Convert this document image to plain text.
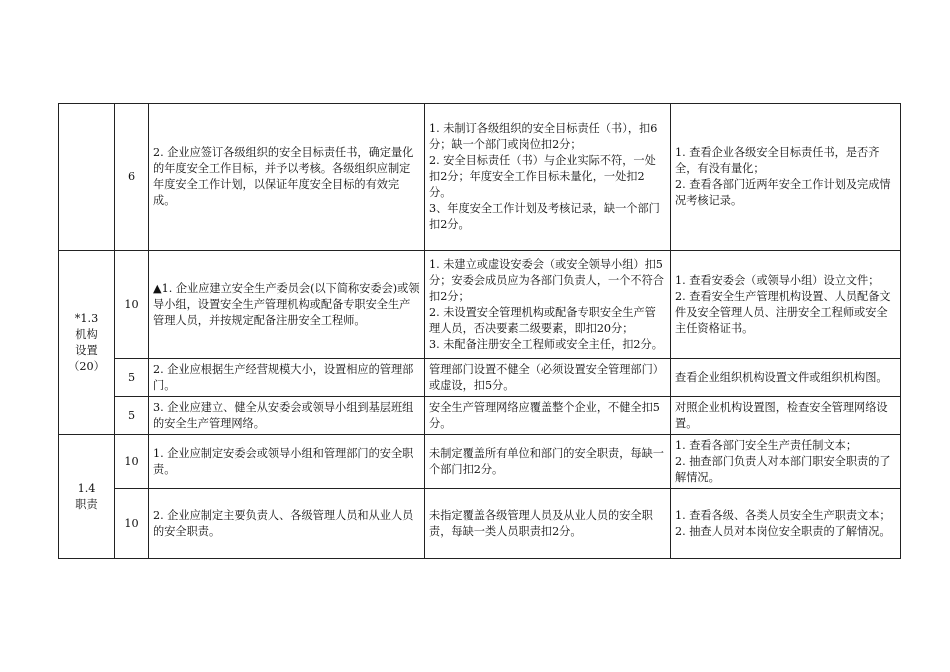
	6	2. 企业应签订各级组织的安全目标责任书，确定量化的年度安全工作目标，并予以考核。各级组织应制定年度安全工作计划，以保证年度安全目标的有效完成。	1. 未制订各级组织的安全目标责任（书），扣6分；缺一个部门或岗位扣2分；
2. 安全目标责任（书）与企业实际不符，一处扣2分；年度安全工作目标未量化，一处扣2分。
3、年度安全工作计划及考核记录，缺一个部门扣2分。	1. 查看企业各级安全目标责任书，是否齐全，有没有量化；
2. 查看各部门近两年安全工作计划及完成情况考核记录。

*1.3
机构
设置
（20）	10	▲1. 企业应建立安全生产委员会(以下简称安委会)或领导小组，设置安全生产管理机构或配备专职安全生产管理人员，并按规定配备注册安全工程师。	1. 未建立或虚设安委会（或安全领导小组）扣5分；安委会成员应为各部门负责人，一个不符合扣2分；
2. 未设置安全管理机构或配备专职安全生产管理人员，否决要素二级要素，即扣20分；
3. 未配备注册安全工程师或安全主任，扣2分。	1. 查看安委会（或领导小组）设立文件；
2. 查看安全生产管理机构设置、人员配备文件及安全管理人员、注册安全工程师或安全主任资格证书。

	5	2. 企业应根据生产经营规模大小，设置相应的管理部门。	管理部门设置不健全（必须设置安全管理部门）或虚设，扣5分。	查看企业组织机构设置文件或组织机构图。
	5	3. 企业应建立、健全从安委会或领导小组到基层班组的安全生产管理网络。	安全生产管理网络应覆盖整个企业，不健全扣5分。	对照企业机构设置图，检查安全管理网络设置。

1.4
职责	10	1. 企业应制定安委会或领导小组和管理部门的安全职责。	未制定覆盖所有单位和部门的安全职责，每缺一个部门扣2分。	1. 查看各部门安全生产责任制文本；
2. 抽查部门负责人对本部门职安全职责的了解情况。

	10	2. 企业应制定主要负责人、各级管理人员和从业人员的安全职责。	未指定覆盖各级管理人员及从业人员的安全职责，每缺一类人员职责扣2分。	1. 查看各级、各类人员安全生产职责文本；
2. 抽查人员对本岗位安全职责的了解情况。
